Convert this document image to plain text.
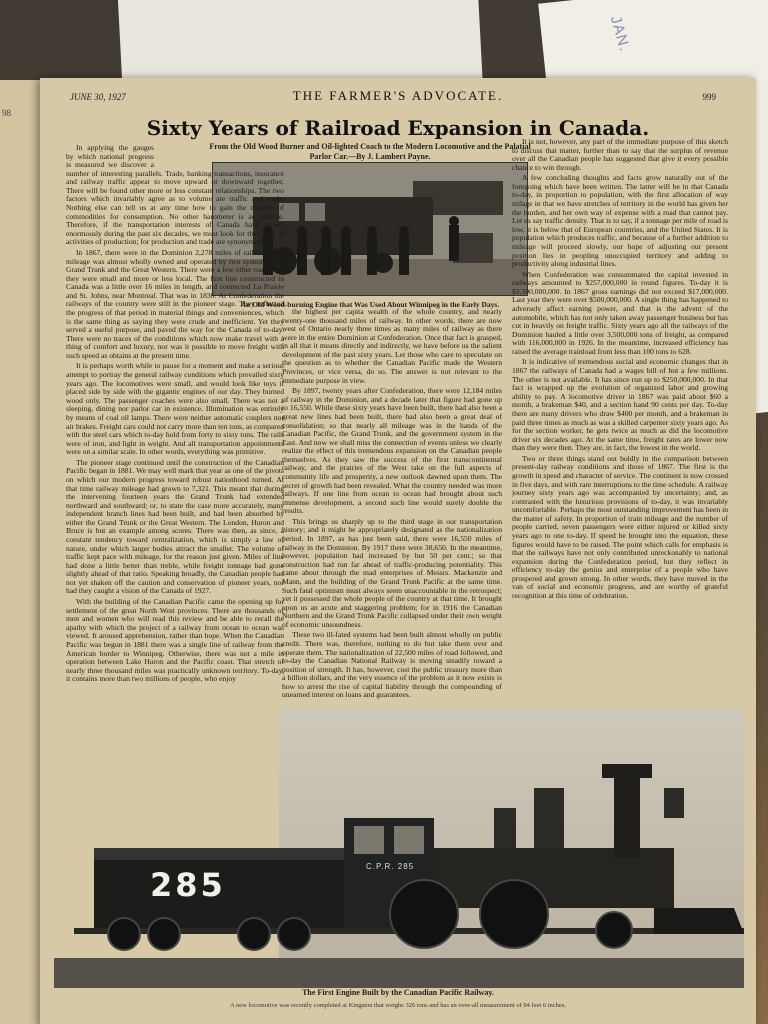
JAN.
98
JUNE 30, 1927	THE FARMER'S ADVOCATE.	999
Sixty Years of Railroad Expansion in Canada.
From the Old Wood Burner and Oil-lighted Coach to the Modern Locomotive and the Palatial Parlor Car.—By J. Lambert Payne.
An Old Wood-burning Engine that Was Used About Winnipeg in the Early Days.

In applying the gauges by which national progress is measured we discover a number of interesting parallels. Trade, banking transactions, insurance and railway traffic appear to move upward or downward together. There will be found other more or less constant relationships. The two factors which invariably agree as to volume are traffic and trade. Nothing else can tell us at any time how to gain the number of commodities for consumption. No other barometer is as reliable. Therefore, if the transportation interests of Canada have grown enormously during the past six decades, we must look for the cause in activities of production; for production and trade are synonymous.

In 1867, there were in the Dominion 2,278 miles of railway. This mileage was almost wholly owned and operated by two systems—the Grand Trunk and the Great Western. There were a few other roads, but they were small and more or less local. The first line constructed in Canada was a little over 16 miles in length, and connected La Prairie and St. Johns, near Montreal. That was in 1836. At Confederation the railways of the country were still in the pioneer stage. They reflected the progress of that period in material things and conveniences, which is the same thing as saying they were crude and inefficient. Yet they served a useful purpose, and paved the way for the Canada of to-day. There were no traces of the conditions which now make travel with a thing of comfort and luxury, nor was it possible to move freight with such speed as obtains at the present time.

It is perhaps worth while to pause for a moment and make a serious attempt to portray the general railway conditions which prevailed sixty years ago. The locomotives were small, and would look like toys if placed side by side with the gigantic engines of our day. They burned wood only. The passenger coaches were also small. There was not a sleeping, dining nor parlor car in existence. Illumination was entirely by means of coal oil lamps. There were neither automatic couplers nor air brakes. Freight cars could not carry more than ten tons, as compared with the steel cars which to-day hold from forty to sixty tons. The rails were of iron, and light in weight. And all transportation appointments were on a similar scale. In other words, everything was primitive.

The pioneer stage continued until the construction of the Canadian Pacific began in 1881. We may well mark that year as one of the pivots on which our modern progress toward robust nationhood turned. At that time railway mileage had grown to 7,321. This meant that during the intervening fourteen years the Grand Trunk had extended northward and southward; or, to state the case more accurately, many independent branch lines had been built, and had been absorbed by either the Grand Trunk or the Great Western. The London, Huron and Bruce is but an example among scores. There was then, as since, a constant tendency toward centralization, which is simply a law of nature, under which larger bodies attract the smaller. The volume of traffic kept pace with mileage, for the reason just given. Miles of line had done a little better than treble, while freight tonnage had gone slightly ahead of that ratio. Speaking broadly, the Canadian people had not yet shaken off the caution and conservation of pioneer years, nor had they caught a vision of the Canada of 1927.

With the building of the Canadian Pacific came the opening up for settlement of the great North West provinces. There are thousands of men and women who will read this review and be able to recall the apathy with which the project of a railway from ocean to ocean was viewed. It aroused apprehension, rather than hope. When the Canadian Pacific was begun in 1881 there was a single line of railway from the American border to Winnipeg. Otherwise, there was not a mile in operation between Lake Huron and the Pacific coast. That stretch of nearly three thousand miles was practically unknown territory. To-day, it contains more than two millions of people, who enjoy

the highest per capita wealth of the whole country, and nearly twenty-one thousand miles of railway. In other words, there are now west of Ontario nearly three times as many miles of railway as there were in the entire Dominion at Confederation. Once that fact is grasped, in all that it means directly and indirectly, we have before us the salient development of the past sixty years. Let those who care to speculate on the question as to whether the Canadian Pacific made the Western Provinces, or vice versa, do so. The answer is not relevant to the immediate purpose in view.

By 1897, twenty years after Confederation, there were 12,184 miles of railway in the Dominion, and a decade later that figure had gone up to 16,550. While these sixty years have been built, there had also been a great new lines had been built, there had also been a great deal of consolidation; so that nearly all mileage was in the hands of the Canadian Pacific, the Grand Trunk, and the government system in the East. And now we shall miss the connection of events unless we clearly realize the effect of this tremendous expansion on the Canadian people themselves. As they saw the success of the first transcontinental railway, and the prairies of the West take on the full aspects of community life and prosperity, a new outlook dawned upon them. The secret of growth had been revealed. What the country needed was more railways. If one line from ocean to ocean had brought about such immense development, a second such line would surely double the results.

This brings us sharply up to the third stage in our transportation history; and it might be appropriately designated as the nationalization period. In 1897, as has just been said, there were 16,550 miles of railway in the Dominion. By 1917 there were 38,650. In the meantime, however, population had increased by but 50 per cent.; so that construction had run far ahead of traffic-producing potentiality. This came about through the mad enterprises of Messrs. Mackenzie and Mann, and the building of the Grand Trunk Pacific at the same time. Such fatal optimism must always seem unaccountable in the retrospect; yet it possessed the whole people of the country at that time. It brought upon us an acute and staggering problem; for in 1916 the Canadian Northern and the Grand Trunk Pacific collapsed under their own weight of economic unsoundness.

These two ill-fated systems had been built almost wholly on public credit. There was, therefore, nothing to do but take them over and operate them. The nationalization of 22,500 miles of road followed, and to-day the Canadian National Railway is moving steadily toward a position of strength. It has, however, cost the public treasury more than a billion dollars, and the very essence of the problem as it now exists is how to arrest the rise of capital liability through the compounding of unearned interest on loans and guarantees.

It is not, however, any part of the immediate purpose of this sketch to discuss that matter, further than to say that the surplus of revenue over all the Canadian people has suggested that give it every possible chance to win through.

A few concluding thoughts and facts grow naturally out of the foregoing which have been written. The latter will be in that Canada to-day, in proportion to population, with the first allocation of way milage in that we have stretches of territory in the world has given her the burden, and her own way of expense with a road that cannot pay. Let us say traffic density. That is to say, if a tonnage per mile of road is low, it is below that of European countries, and the United States. It is population which produces traffic, and because of a further addition to mileage will proceed slowly, our hope of adjusting our present position lies in peopling unoccupied territory and adding to productivity along industrial lines.

When Confederation was consummated the capital invested in railways amounted to $257,000,000 in round figures. To-day it is $3,500,000,000. In 1867 gross earnings did not exceed $17,000,000. Last year they were over $500,000,000. A single thing has happened to adversely affect earning power, and that is the advent of the automobile, which has not only taken away passenger business but has cut in heavily on freight traffic. Sixty years ago all the railways of the Dominion hauled a little over 3,500,000 tons of freight, as compared with 116,000,000 in 1926. In the meantime, increased efficiency has raised the average trainload from less than 100 tons to 628.

It is indicative of tremendous social and economic changes that in 1867 the railways of Canada had a wages bill of but a few millions. The other is not available. It has since run up to $250,000,000. In that fact is wrapped up the evolution of organized labor and growing ability to pay. A locomotive driver in 1867 was paid about $60 a month, a brakeman $40, and a section hand 90 cents per day. To-day there are many drivers who draw $400 per month, and a brakeman in paid three times as much as was a skilled carpenter sixty years ago. As for the section worker, he gets twice as much as did the locomotive driver six decades ago. At the same time, freight rates are lower now than they were then. They are, in fact, the lowest in the world.

Two or three things stand out boldly in the comparison between present-day railway conditions and those of 1867. The first is the growth in speed and character of service. The continent is now crossed in five days, and with rare interruptions to the time schedule. A railway journey sixty years ago was accompanied by uncertainty; and, as contrasted with the luxurious provisions of to-day, it was invariably uncomfortable. Perhaps the most outstanding improvement has been in the matter of safety. In proportion of train mileage and the number of people carried, seven passengers were either injured or killed sixty years ago to one to-day. If speed be brought into the equation, these figures would have to be raised. The point which calls for emphasis is that the railways have not only contributed unreckonably to national expansion during the Confederation period, but they reflect in efficiency to-day the genius and enterprise of a people who have prospered and grown strong. In other words, they have moved in the van of social and economic progress, and are worthy of grateful recognition at this time of celebration.

285	C.P.R. 285
The First Engine Built by the Canadian Pacific Railway.
A new locomotive was recently completed at Kingston that weighs 326 tons and has an over-all measurement of 94 feet 6 inches.
